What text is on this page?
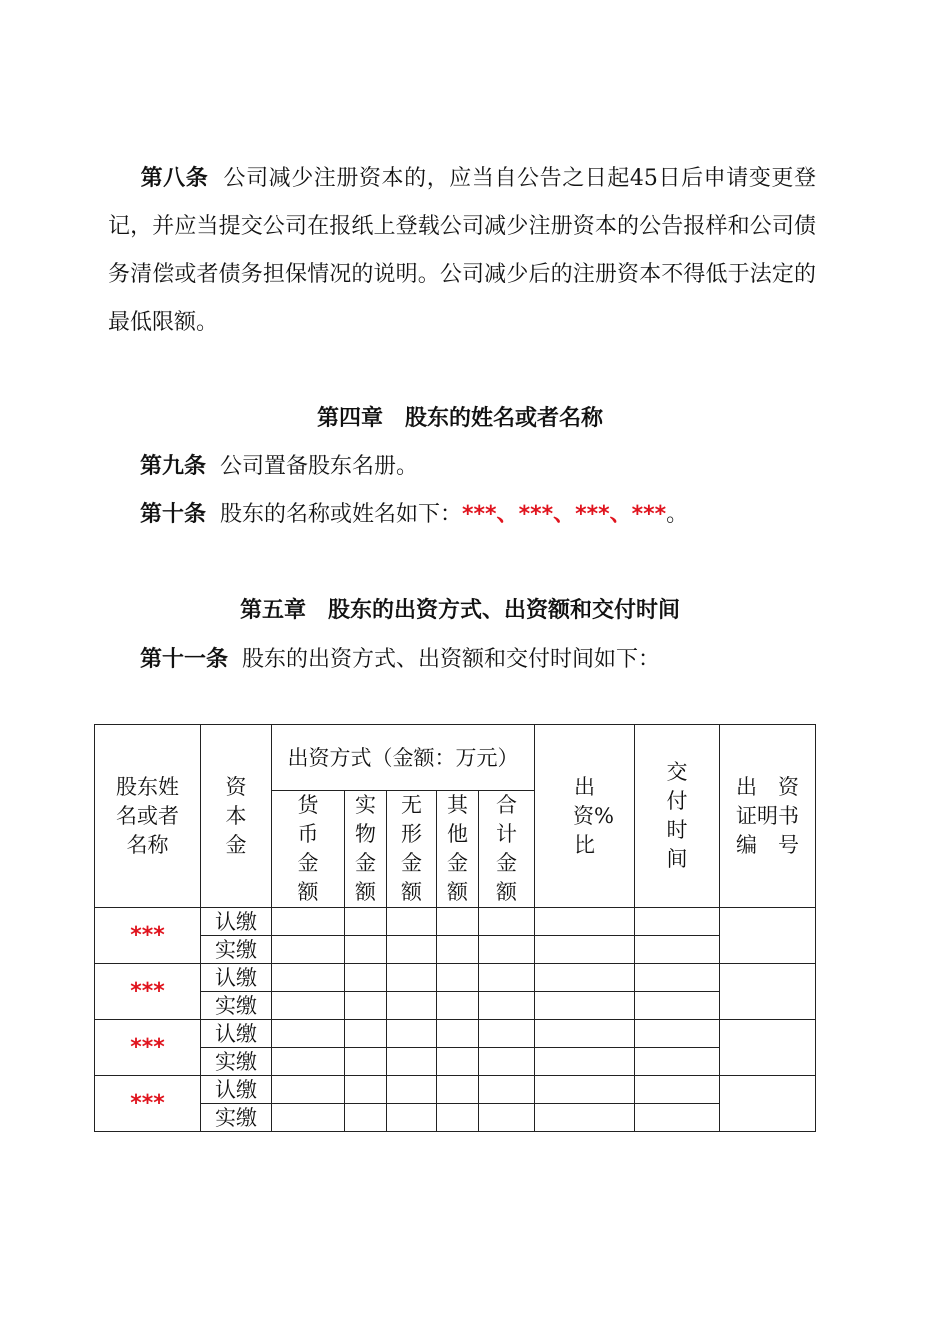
第八条 公司减少注册资本的，应当自公告之日起45日后申请变更登记，并应当提交公司在报纸上登载公司减少注册资本的公告报样和公司债务清偿或者债务担保情况的说明。公司减少后的注册资本不得低于法定的最低限额。
第四章　股东的姓名或者名称
第九条 公司置备股东名册。
第十条 股东的名称或姓名如下：***、***、***、***。
第五章　股东的出资方式、出资额和交付时间
第十一条 股东的出资方式、出资额和交付时间如下：
股东姓名或者名称	资本金	出资方式（金额：万元）					出资%比	交付时间	出　资证明书编　号

		货币金额	实物金额	无形金额	其他金额	合计金额			
***	认缴								
	实缴								
***	认缴								
	实缴								
***	认缴								
	实缴								
***	认缴								
	实缴								
